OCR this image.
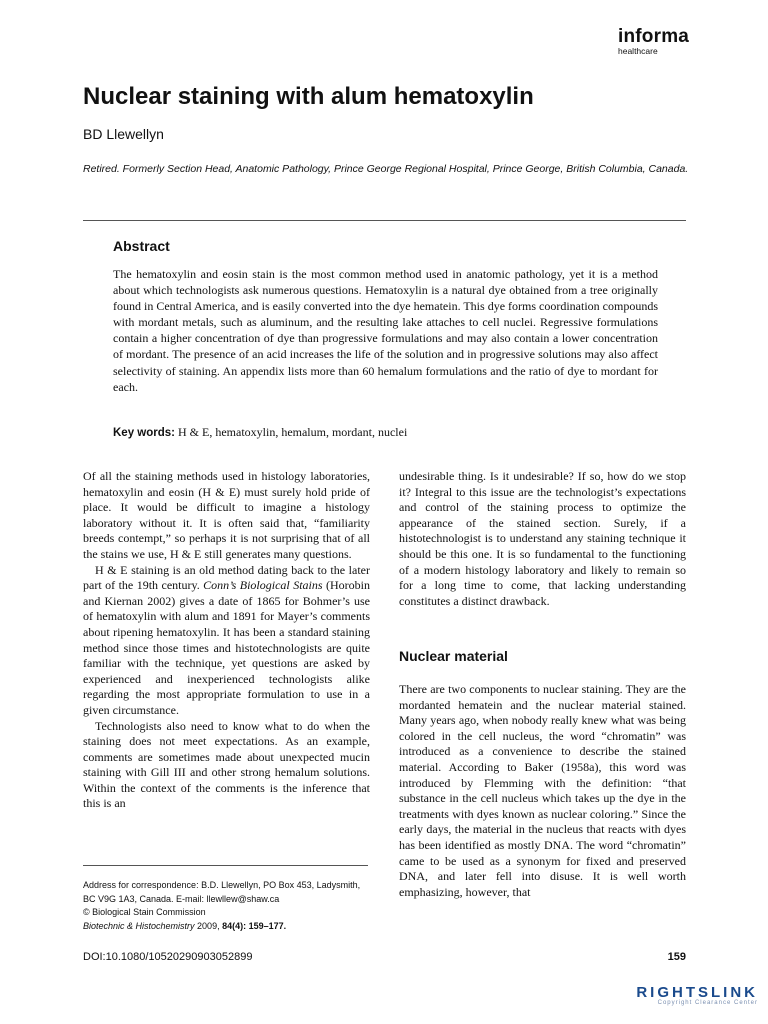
informa
healthcare
Nuclear staining with alum hematoxylin
BD Llewellyn
Retired. Formerly Section Head, Anatomic Pathology, Prince George Regional Hospital, Prince George, British Columbia, Canada.
Abstract
The hematoxylin and eosin stain is the most common method used in anatomic pathology, yet it is a method about which technologists ask numerous questions. Hematoxylin is a natural dye obtained from a tree originally found in Central America, and is easily converted into the dye hematein. This dye forms coordination compounds with mordant metals, such as aluminum, and the resulting lake attaches to cell nuclei. Regressive formulations contain a higher concentration of dye than progressive formulations and may also contain a lower concentration of mordant. The presence of an acid increases the life of the solution and in progressive solutions may also affect selectivity of staining. An appendix lists more than 60 hemalum formulations and the ratio of dye to mordant for each.
Key words: H & E, hematoxylin, hemalum, mordant, nuclei

Of all the staining methods used in histology laboratories, hematoxylin and eosin (H & E) must surely hold pride of place. It would be difficult to imagine a histology laboratory without it. It is often said that, “familiarity breeds contempt,” so perhaps it is not surprising that of all the stains we use, H & E still generates many questions.

H & E staining is an old method dating back to the later part of the 19th century. Conn’s Biological Stains (Horobin and Kiernan 2002) gives a date of 1865 for Bohmer’s use of hematoxylin with alum and 1891 for Mayer’s comments about ripening hematoxylin. It has been a standard staining method since those times and histotechnologists are quite familiar with the technique, yet questions are asked by experienced and inexperienced technologists alike regarding the most appropriate formulation to use in a given circumstance.

Technologists also need to know what to do when the staining does not meet expectations. As an example, comments are sometimes made about unexpected mucin staining with Gill III and other strong hemalum solutions. Within the context of the comments is the inference that this is an

undesirable thing. Is it undesirable? If so, how do we stop it? Integral to this issue are the technologist’s expectations and control of the staining process to optimize the appearance of the stained section. Surely, if a histotechnologist is to understand any staining technique it should be this one. It is so fundamental to the functioning of a modern histology laboratory and likely to remain so for a long time to come, that lacking understanding constitutes a distinct drawback.

Nuclear material

There are two components to nuclear staining. They are the mordanted hematein and the nuclear material stained. Many years ago, when nobody really knew what was being colored in the cell nucleus, the word “chromatin” was introduced as a convenience to describe the stained material. According to Baker (1958a), this word was introduced by Flemming with the definition: “that substance in the cell nucleus which takes up the dye in the treatments with dyes known as nuclear coloring.” Since the early days, the material in the nucleus that reacts with dyes has been identified as mostly DNA. The word “chromatin” came to be used as a synonym for fixed and preserved DNA, and later fell into disuse. It is well worth emphasizing, however, that

Address for correspondence: B.D. Llewellyn, PO Box 453, Ladysmith, BC V9G 1A3, Canada. E-mail: llewllew@shaw.ca
© Biological Stain Commission
Biotechnic & Histochemistry 2009, 84(4): 159–177.
DOI:10.1080/10520290903052899	159
RIGHTSLINK
Copyright Clearance Center
